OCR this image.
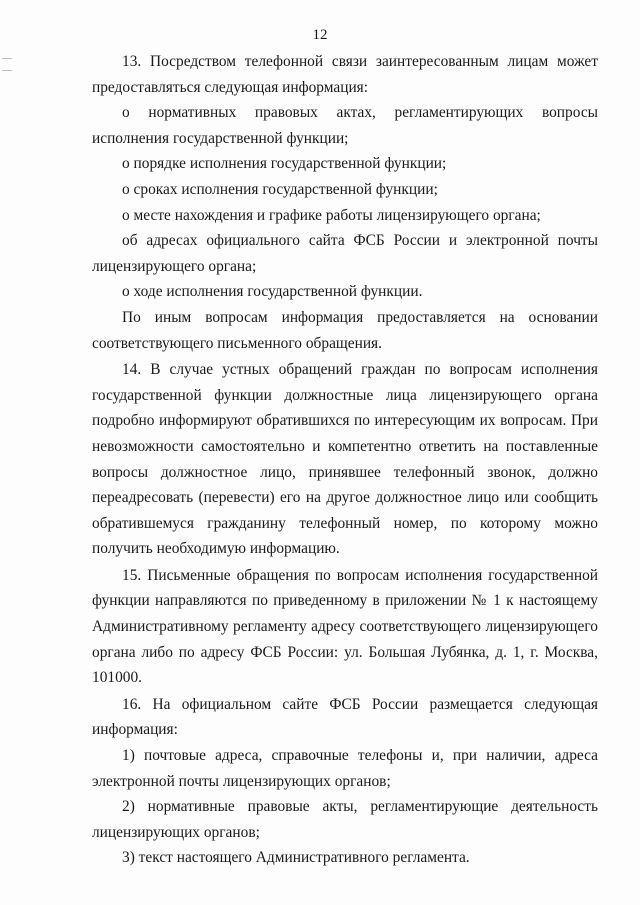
12

13. Посредством телефонной связи заинтересованным лицам может предоставляться следующая информация:

о нормативных правовых актах, регламентирующих вопросы исполнения государственной функции;

о порядке исполнения государственной функции;

о сроках исполнения государственной функции;

о месте нахождения и графике работы лицензирующего органа;

об адресах официального сайта ФСБ России и электронной почты лицензирующего органа;

о ходе исполнения государственной функции.

По иным вопросам информация предоставляется на основании соответствующего письменного обращения.

14. В случае устных обращений граждан по вопросам исполнения государственной функции должностные лица лицензирующего органа подробно информируют обратившихся по интересующим их вопросам. При невозможности самостоятельно и компетентно ответить на поставленные вопросы должностное лицо, принявшее телефонный звонок, должно переадресовать (перевести) его на другое должностное лицо или сообщить обратившемуся гражданину телефонный номер, по которому можно получить необходимую информацию.

15. Письменные обращения по вопросам исполнения государственной функции направляются по приведенному в приложении № 1 к настоящему Административному регламенту адресу соответствующего лицензирующего органа либо по адресу ФСБ России: ул. Большая Лубянка, д. 1, г. Москва, 101000.

16. На официальном сайте ФСБ России размещается следующая информация:

1) почтовые адреса, справочные телефоны и, при наличии, адреса электронной почты лицензирующих органов;

2) нормативные правовые акты, регламентирующие деятельность лицензирующих органов;

3) текст настоящего Административного регламента.
